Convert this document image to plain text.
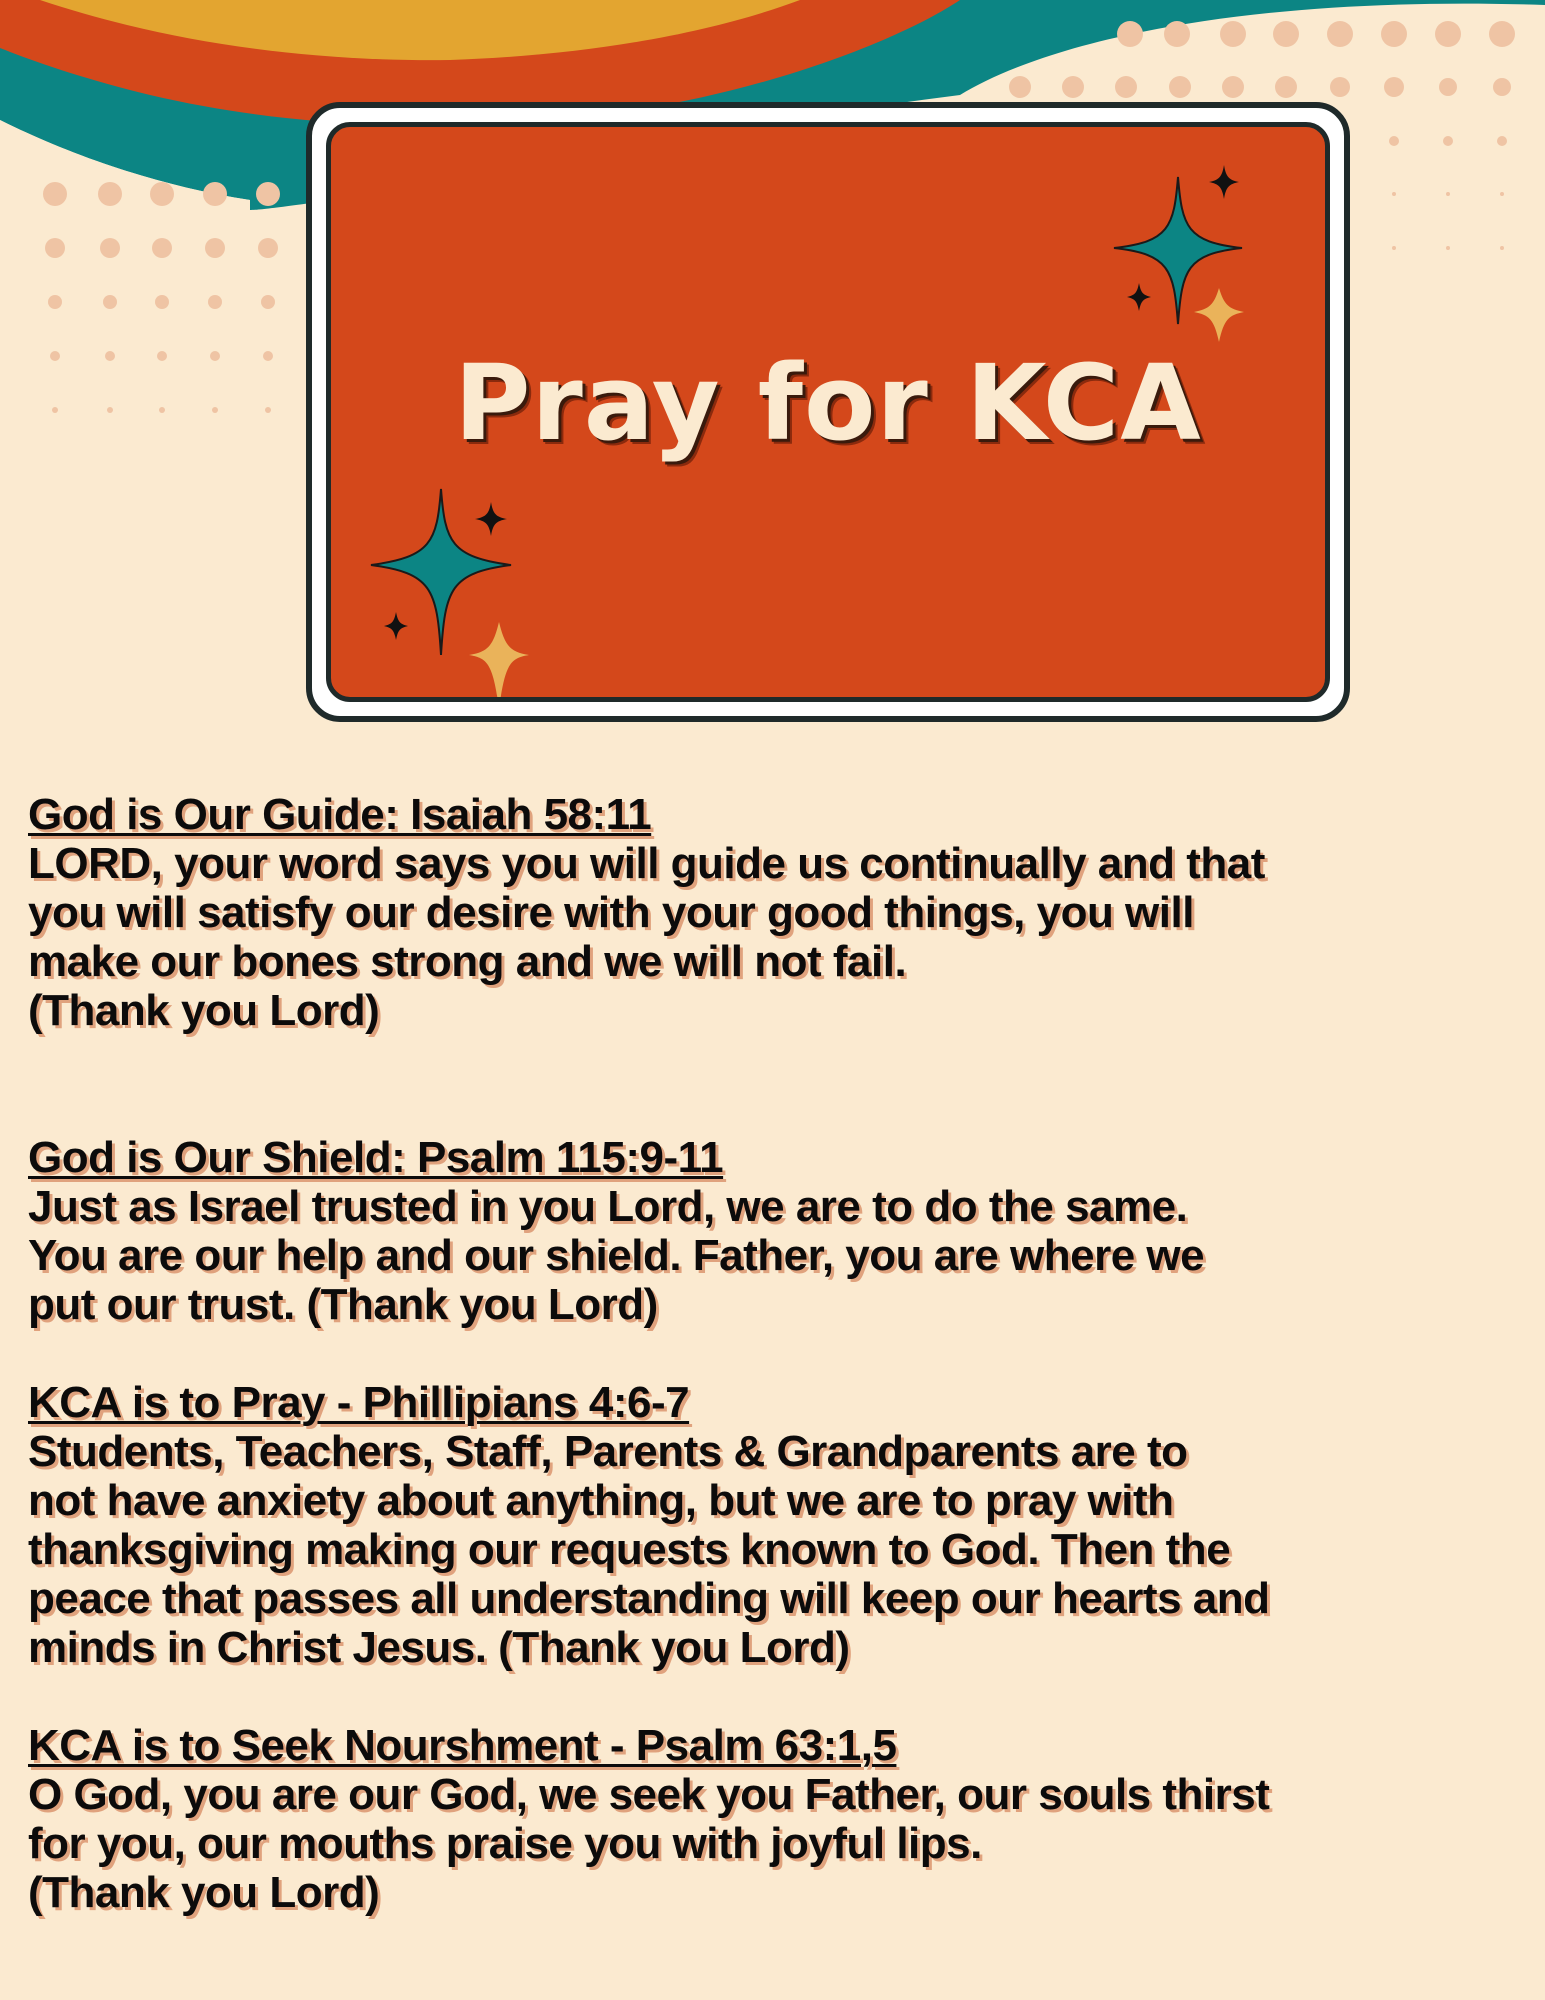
Pray for KCA
God is Our Guide: Isaiah 58:11

LORD, your word says you will guide us continually and that

you will satisfy our desire with your good things, you will

make our bones strong and we will not fail.

(Thank you Lord)

God is Our Shield: Psalm 115:9-11

Just as Israel trusted in you Lord, we are to do the same.

You are our help and our shield. Father, you are where we

put our trust. (Thank you Lord)

KCA is to Pray - Phillipians 4:6-7

Students, Teachers, Staff, Parents & Grandparents are to

not have anxiety about anything, but we are to pray with

thanksgiving making our requests known to God. Then the

peace that passes all understanding will keep our hearts and

minds in Christ Jesus. (Thank you Lord)

KCA is to Seek Nourshment - Psalm 63:1,5

O God, you are our God, we seek you Father, our souls thirst

for you, our mouths praise you with joyful lips.

(Thank you Lord)
